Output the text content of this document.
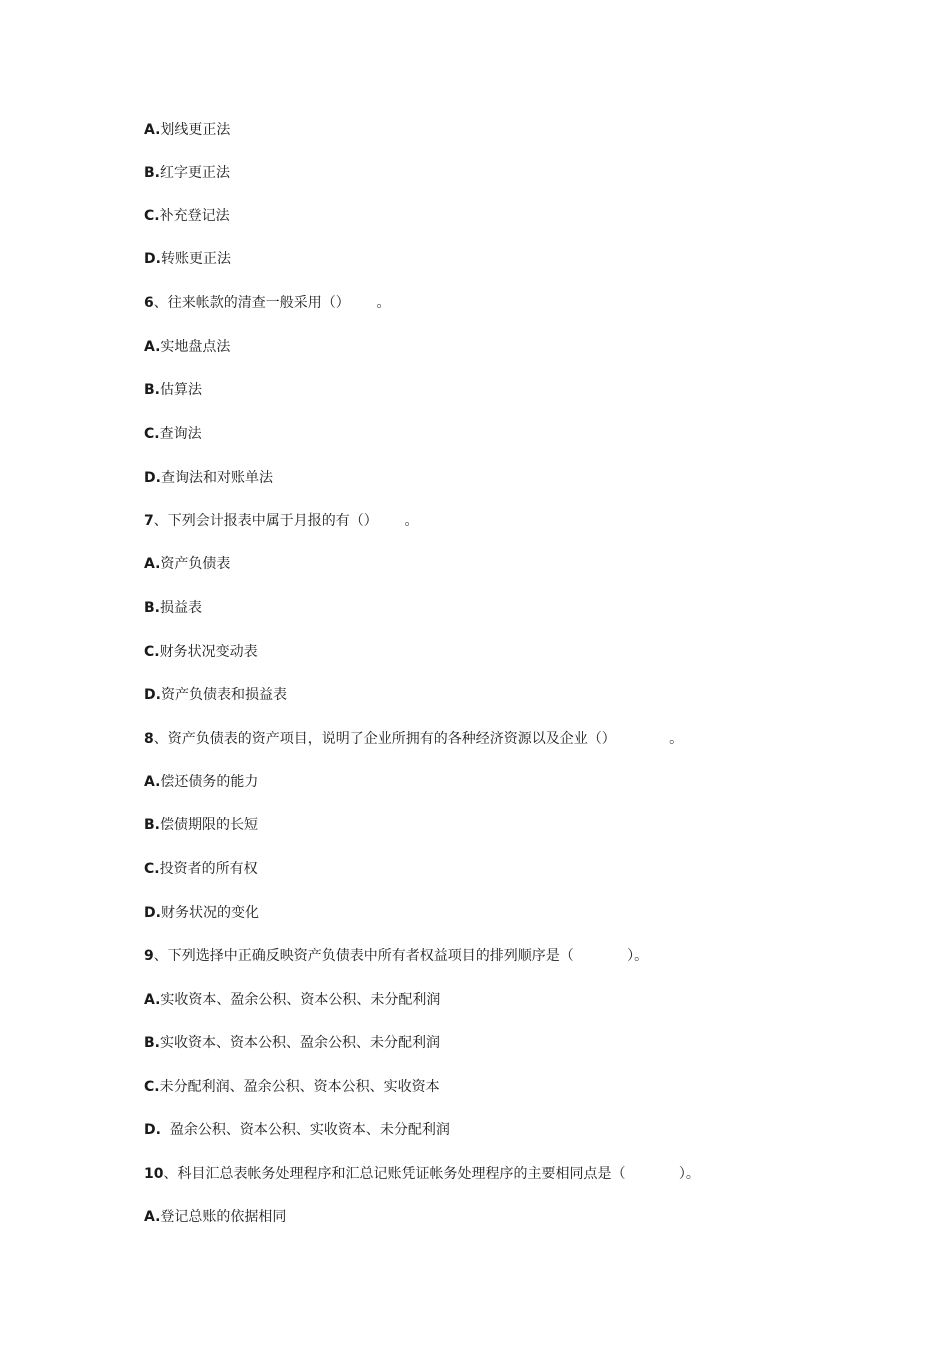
A.划线更正法
B.红字更正法
C.补充登记法
D.转账更正法
6、往来帐款的清查一般采用（）      。
A.实地盘点法
B.估算法
C.查询法
D.查询法和对账单法
7、下列会计报表中属于月报的有（）      。
A.资产负债表
B.损益表
C.财务状况变动表
D.资产负债表和损益表
8、资产负债表的资产项目，说明了企业所拥有的各种经济资源以及企业（）            。
A.偿还债务的能力
B.偿债期限的长短
C.投资者的所有权
D.财务状况的变化
9、下列选择中正确反映资产负债表中所有者权益项目的排列顺序是（            ）。
A.实收资本、盈余公积、资本公积、未分配利润
B.实收资本、资本公积、盈余公积、未分配利润
C.未分配利润、盈余公积、资本公积、实收资本
D.  盈余公积、资本公积、实收资本、未分配利润
10、科目汇总表帐务处理程序和汇总记账凭证帐务处理程序的主要相同点是（            ）。
A.登记总账的依据相同
